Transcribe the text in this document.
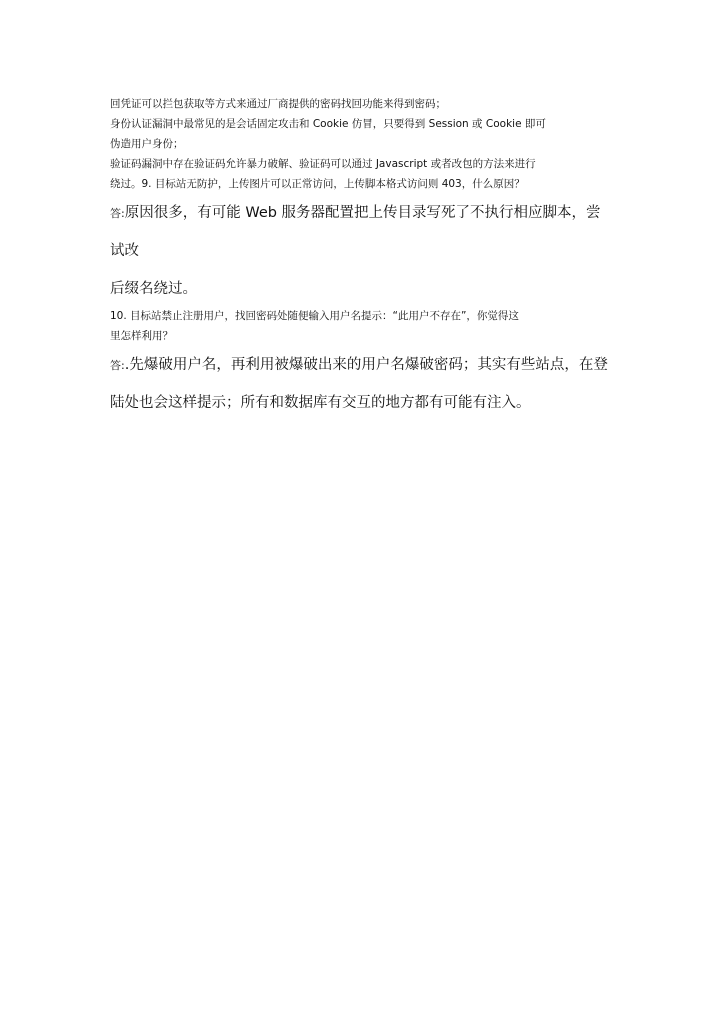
回凭证可以拦包获取等方式来通过厂商提供的密码找回功能来得到密码；
身份认证漏洞中最常见的是会话固定攻击和 Cookie 仿冒，只要得到 Session 或 Cookie 即可
伪造用户身份；
验证码漏洞中存在验证码允许暴力破解、验证码可以通过 Javascript 或者改包的方法来进行
绕过。9. 目标站无防护，上传图片可以正常访问，上传脚本格式访问则 403，什么原因？
答:原因很多，有可能 Web 服务器配置把上传目录写死了不执行相应脚本，尝
试改
后缀名绕过。
10. 目标站禁止注册用户，找回密码处随便输入用户名提示：“此用户不存在”，你觉得这
里怎样利用？
答:.先爆破用户名，再利用被爆破出来的用户名爆破密码；其实有些站点，在登
陆处也会这样提示；所有和数据库有交互的地方都有可能有注入。
